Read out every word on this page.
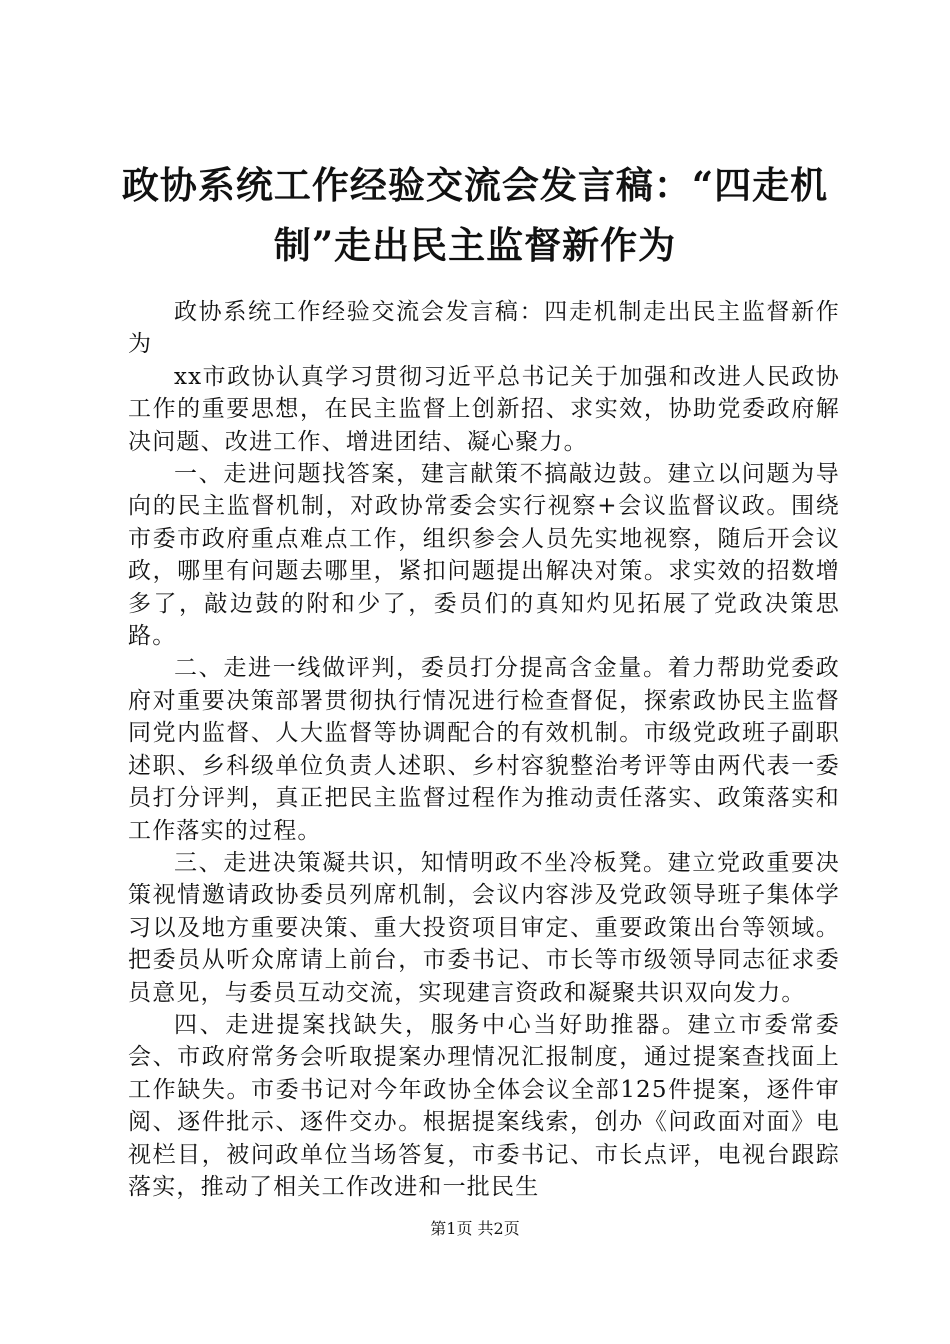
政协系统工作经验交流会发言稿：“四走机制”走出民主监督新作为

政协系统工作经验交流会发言稿：四走机制走出民主监督新作为

xx市政协认真学习贯彻习近平总书记关于加强和改进人民政协工作的重要思想，在民主监督上创新招、求实效，协助党委政府解决问题、改进工作、增进团结、凝心聚力。

一、走进问题找答案，建言献策不搞敲边鼓。建立以问题为导向的民主监督机制，对政协常委会实行视察+会议监督议政。围绕市委市政府重点难点工作，组织参会人员先实地视察，随后开会议政，哪里有问题去哪里，紧扣问题提出解决对策。求实效的招数增多了，敲边鼓的附和少了，委员们的真知灼见拓展了党政决策思路。

二、走进一线做评判，委员打分提高含金量。着力帮助党委政府对重要决策部署贯彻执行情况进行检查督促，探索政协民主监督同党内监督、人大监督等协调配合的有效机制。市级党政班子副职述职、乡科级单位负责人述职、乡村容貌整治考评等由两代表一委员打分评判，真正把民主监督过程作为推动责任落实、政策落实和工作落实的过程。

三、走进决策凝共识，知情明政不坐冷板凳。建立党政重要决策视情邀请政协委员列席机制，会议内容涉及党政领导班子集体学习以及地方重要决策、重大投资项目审定、重要政策出台等领域。把委员从听众席请上前台，市委书记、市长等市级领导同志征求委员意见，与委员互动交流，实现建言资政和凝聚共识双向发力。

四、走进提案找缺失，服务中心当好助推器。建立市委常委会、市政府常务会听取提案办理情况汇报制度，通过提案查找面上工作缺失。市委书记对今年政协全体会议全部125件提案，逐件审阅、逐件批示、逐件交办。根据提案线索，创办《问政面对面》电视栏目，被问政单位当场答复，市委书记、市长点评，电视台跟踪落实，推动了相关工作改进和一批民生

第1页 共2页
